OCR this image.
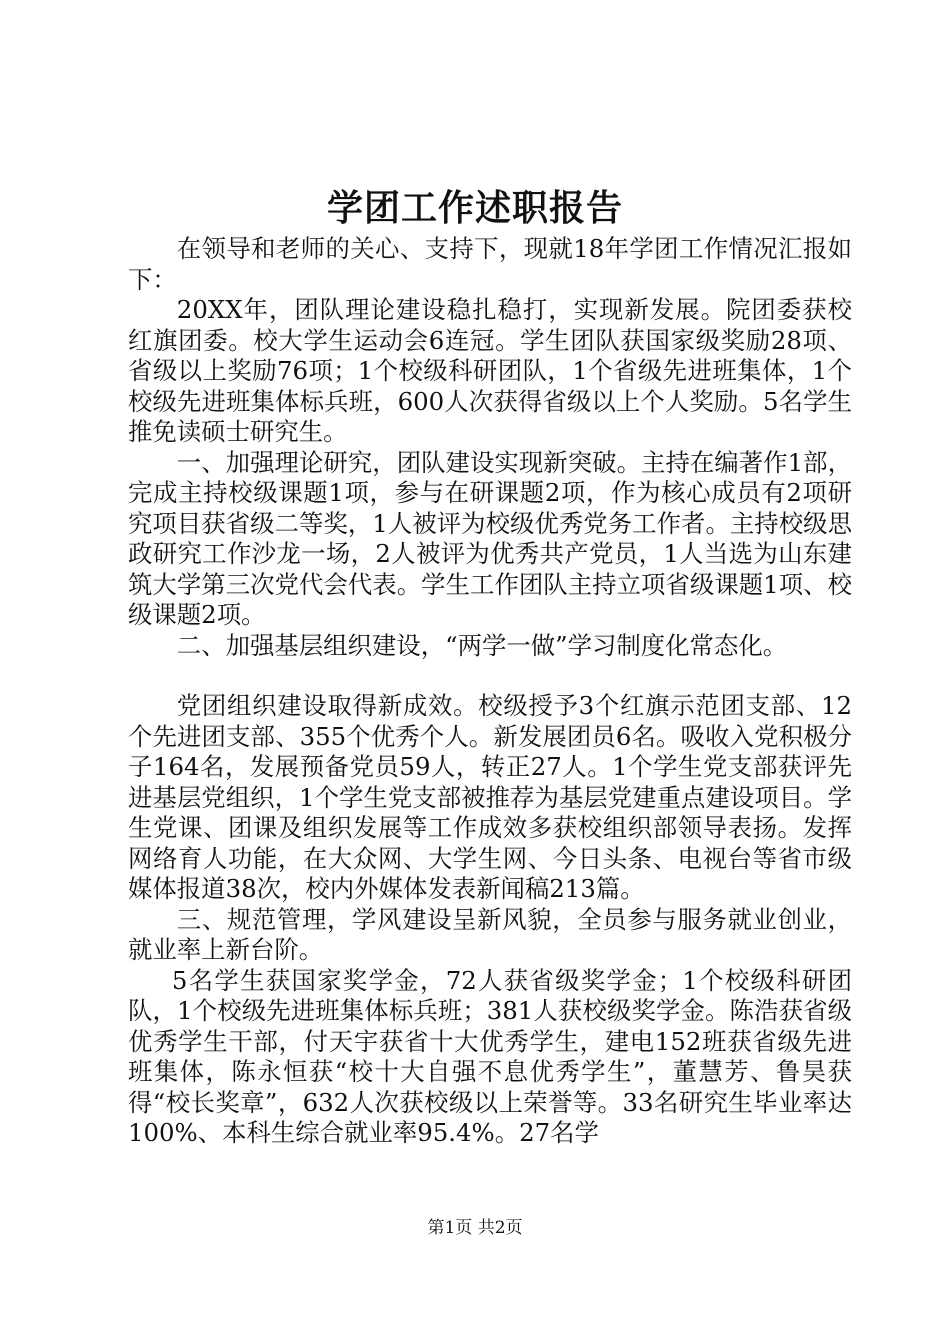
学团工作述职报告

在领导和老师的关心、支持下，现就18年学团工作情况汇报如下：

20XX年，团队理论建设稳扎稳打，实现新发展。院团委获校红旗团委。校大学生运动会6连冠。学生团队获国家级奖励28项、省级以上奖励76项；1个校级科研团队，1个省级先进班集体，1个校级先进班集体标兵班，600人次获得省级以上个人奖励。5名学生推免读硕士研究生。

一、加强理论研究，团队建设实现新突破。主持在编著作1部，完成主持校级课题1项，参与在研课题2项，作为核心成员有2项研究项目获省级二等奖，1人被评为校级优秀党务工作者。主持校级思政研究工作沙龙一场，2人被评为优秀共产党员，1人当选为山东建筑大学第三次党代会代表。学生工作团队主持立项省级课题1项、校级课题2项。

二、加强基层组织建设，“两学一做”学习制度化常态化。

党团组织建设取得新成效。校级授予3个红旗示范团支部、12个先进团支部、355个优秀个人。新发展团员6名。吸收入党积极分子164名，发展预备党员59人，转正27人。1个学生党支部获评先进基层党组织，1个学生党支部被推荐为基层党建重点建设项目。学生党课、团课及组织发展等工作成效多获校组织部领导表扬。发挥网络育人功能，在大众网、大学生网、今日头条、电视台等省市级媒体报道38次，校内外媒体发表新闻稿213篇。

三、规范管理，学风建设呈新风貌，全员参与服务就业创业，就业率上新台阶。

5名学生获国家奖学金，72人获省级奖学金；1个校级科研团队，1个校级先进班集体标兵班；381人获校级奖学金。陈浩获省级优秀学生干部，付天宇获省十大优秀学生，建电152班获省级先进班集体，陈永恒获“校十大自强不息优秀学生”，董慧芳、鲁昊获得“校长奖章”，632人次获校级以上荣誉等。33名研究生毕业率达100%、本科生综合就业率95.4%。27名学

第1页 共2页
